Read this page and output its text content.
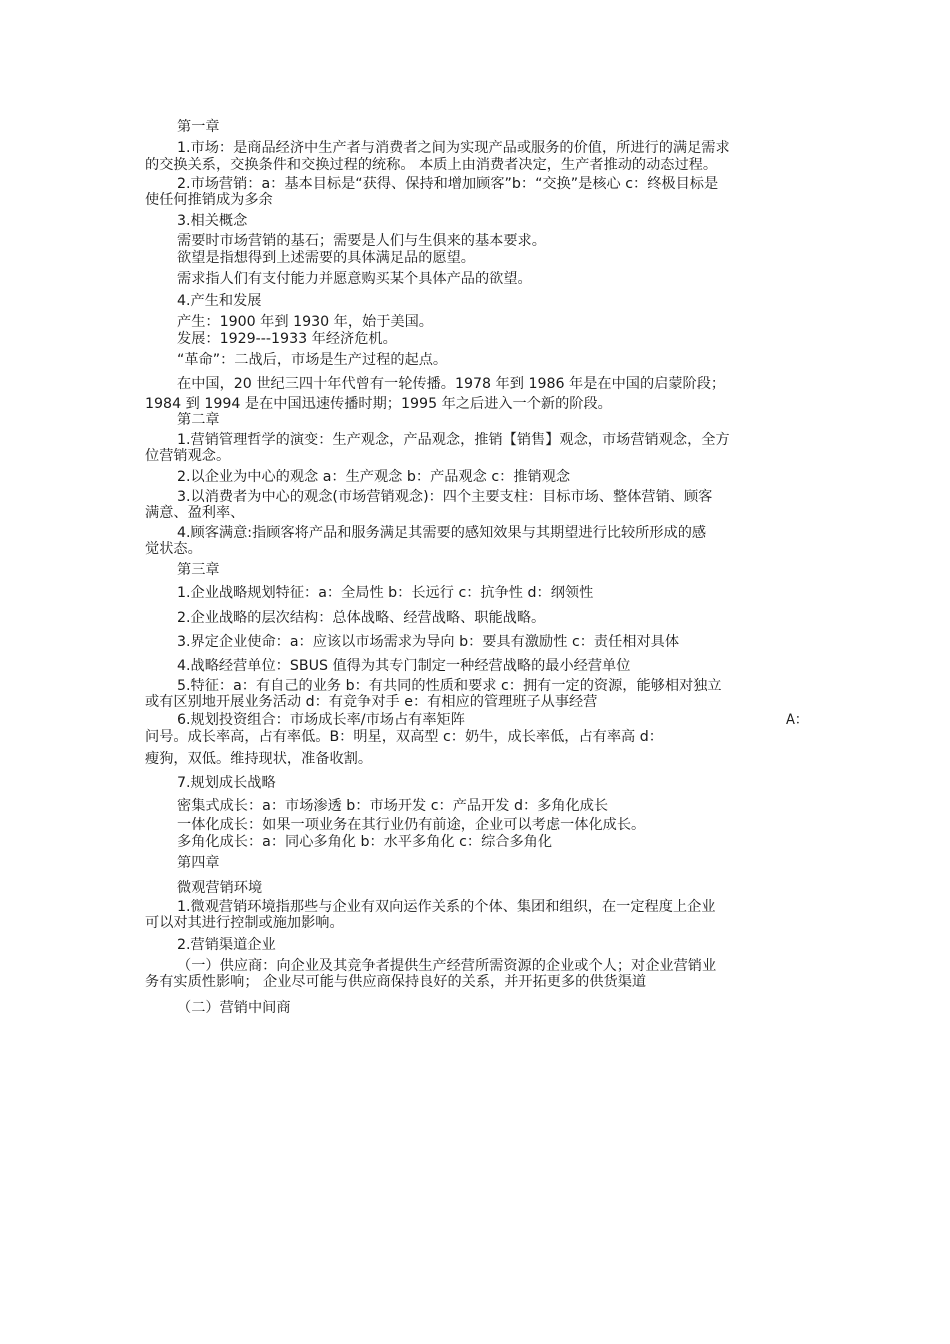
第一章
1.市场：是商品经济中生产者与消费者之间为实现产品或服务的价值，所进行的满足需求
的交换关系，交换条件和交换过程的统称。 本质上由消费者决定，生产者推动的动态过程。
2.市场营销：a：基本目标是“获得、保持和增加顾客”b：“交换”是核心 c：终极目标是
使任何推销成为多余
3.相关概念
需要时市场营销的基石；需要是人们与生俱来的基本要求。
欲望是指想得到上述需要的具体满足品的愿望。
需求指人们有支付能力并愿意购买某个具体产品的欲望。
4.产生和发展
产生：1900 年到 1930 年，始于美国。
发展：1929---1933 年经济危机。
“革命”：二战后，市场是生产过程的起点。
在中国，20 世纪三四十年代曾有一轮传播。1978 年到 1986 年是在中国的启蒙阶段；
1984 到 1994 是在中国迅速传播时期；1995 年之后进入一个新的阶段。
第二章
1.营销管理哲学的演变：生产观念，产品观念，推销【销售】观念，市场营销观念，全方
位营销观念。
2.以企业为中心的观念 a：生产观念 b：产品观念 c：推销观念
3.以消费者为中心的观念(市场营销观念)：四个主要支柱：目标市场、整体营销、顾客
满意、盈利率、
4.顾客满意:指顾客将产品和服务满足其需要的感知效果与其期望进行比较所形成的感
觉状态。
第三章
1.企业战略规划特征：a：全局性 b：长远行 c：抗争性 d：纲领性
2.企业战略的层次结构：总体战略、经营战略、职能战略。
3.界定企业使命：a：应该以市场需求为导向 b：要具有激励性 c：责任相对具体
4.战略经营单位：SBUS 值得为其专门制定一种经营战略的最小经营单位
5.特征：a：有自己的业务 b：有共同的性质和要求 c：拥有一定的资源，能够相对独立
或有区别地开展业务活动 d：有竞争对手 e：有相应的管理班子从事经营
6.规划投资组合：市场成长率/市场占有率矩阵	A：
问号。成长率高，占有率低。B：明星，双高型 c：奶牛，成长率低，占有率高 d：
瘦狗，双低。维持现状，准备收割。
7.规划成长战略
密集式成长：a：市场渗透 b：市场开发 c：产品开发 d：多角化成长
一体化成长：如果一项业务在其行业仍有前途，企业可以考虑一体化成长。
多角化成长：a：同心多角化 b：水平多角化 c：综合多角化
第四章
微观营销环境
1.微观营销环境指那些与企业有双向运作关系的个体、集团和组织，在一定程度上企业
可以对其进行控制或施加影响。
2.营销渠道企业
（一）供应商：向企业及其竞争者提供生产经营所需资源的企业或个人；对企业营销业
务有实质性影响； 企业尽可能与供应商保持良好的关系，并开拓更多的供货渠道
（二）营销中间商
